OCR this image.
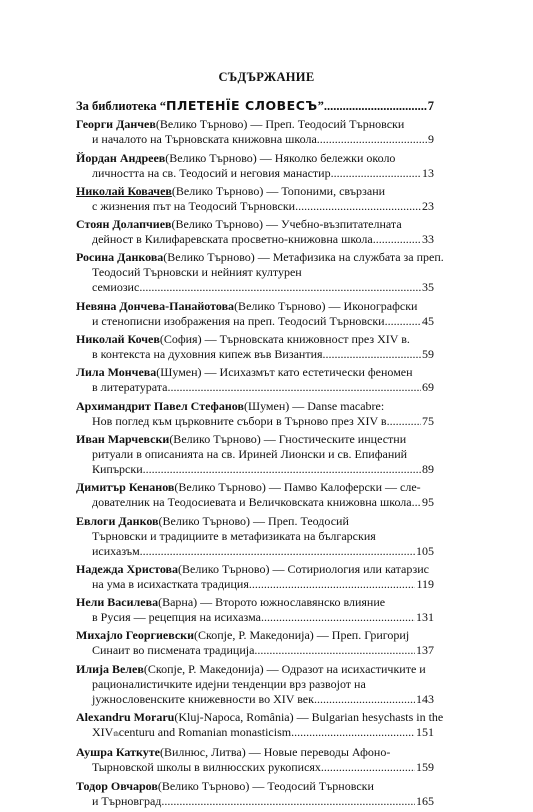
СЪДЪРЖАНИЕ
За библиотека “ ПЛЕТЕНЇЕ СЛОВЕСЪ ” .....	7
Георги Данчев (Велико Търново) — Преп. Теодосий Търновски
и началото на Търновската книжовна школа .....	9
Йордан Андреев (Велико Търново) — Няколко бележки около
личността на св. Теодосий и неговия манастир .....	13
Николай Ковачев (Велико Търново) — Топоними, свързани
с жизнения път на Теодосий Търновски .....	23
Стоян Долапчиев (Велико Търново) — Учебно-възпитателната
дейност в Килифаревската просветно-книжовна школа .....	33
Росина Данкова (Велико Търново) — Метафизика на службата за преп.
Теодосий Търновски и нейният културен
семиозис .....	35
Невяна Дончева-Панайотова (Велико Търново) — Иконографски
и стенописни изображения на преп. Теодосий Търновски .....	45
Николай Кочев (София) — Търновската книжовност през XIV в.
в контекста на духовния кипеж във Византия .....	59
Лила Мончева (Шумен) — Исихазмът като естетически феномен
в литературата .....	69
Архимандрит Павел Стефанов (Шумен) — Danse macabre:
Нов поглед към църковните събори в Търново през XIV в. .....	75
Иван Марчевски (Велико Търново) — Гностическите инцестни
ритуали в описанията на св. Ириней Лионски и св. Епифаний
Кипърски .....	89
Димитър Кенанов (Велико Търново) — Памво Калоферски — сле-
дователник на Теодосиевата и Величковската книжовна школа ..... 95
Евлоги Данков (Велико Търново) — Преп. Теодосий
Търновски и традициите в метафизиката на българския
исихазъм .....	105
Надежда Христова (Велико Търново) — Сотириология или катарзис
на ума в исихасткатa традиция .....	119
Нели Василева (Варна) — Второто южнославянско влияние
в Русия — рецепция на исихазма .....	131
Михајло Георгиевски (Скопје, Р. Македонија) — Преп. Григориј
Синаит во писмената традиција .....	137
Илија Велев (Скопје, Р. Македонија) — Одразот на исихастичките и
рационалистичките идејни тенденции врз развојот на
јужнословенските книжевности во XIV век .....	143
Alexandru Moraru (Kluj-Napoca, România) — Bulgarian hesychasts in the
XIV th centuru and Romanian monasticism .....	151
Аушра Каткуте (Вилнюс, Литва) — Новые переводы Афоно-
Тырновской школы в вилнюсских рукописях .....	159
Тодор Овчаров (Велико Търново) — Теодосий Търновски
и Търновград .....	165
